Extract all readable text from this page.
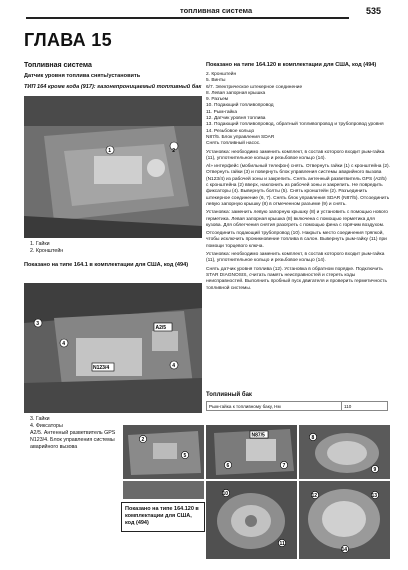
топливная система	535
ГЛАВА 15
Топливная система
Датчик уровня топлива снять/установить
ТИП 164 кроме кода (917): газонепроницаемый топливный бак
1	2
1. Гайки
2. Кронштейн
Показано на типе 164.1 в комплектации для США, код (494)
3
4
4
A2/5
N123/4
3. Гайки
4. Фиксаторы
А2/5. Антенный разветвитель GPS
N123/4. Блок управления системы аварийного вызова
Показано на типе 164.120 в комплектации для США, код (494)
2. Кронштейн
5. Винты
6/7. Электрическое штекерное соединение
8. Левая запорная крышка
9. Разъем
10. Подающий топливопровод
11. Рым-гайка
12. Датчик уровня топлива
13. Подающий топливопровод, обратный топливопровод и трубопровод уровня
14. Резьбовое кольцо
N87/5. Блок управления SDAR
Снять топливный насос.

Установка: необходимо заменить комплект, в состав которого входит рым-гайка (11), уплотнительное кольцо и резьбовое кольцо (14).

Al» интерфейс (мобильный телефон) снять. Отвернуть гайки (1) с кронштейна (2). Отвернуть гайки (3) и повернуть блок управления системы аварийного вызова (N123/4) из рабочей зоны и закрепить. Снять антенный разветвитель GPS (A2/5) с кронштейна (2) вверх, наклонить из рабочей зоны и закрепить. Не повредить фиксаторы (4). Вывернуть болты (5). Снять кронштейн (2). Разъединить штекерное соединение (6, 7). Снять блок управления SDAR (N87/5). Отсоединить левую запорную крышку (8) в отмеченном разъеме (9) и снять.

Установка: заменить левую запорную крышку (8) и установить с помощью нового герметика. Левая запорная крышка (8) включена с помощью герметика для кузова. Для облегчения снятия разогреть с помощью фена с горячим воздухом.

Отсоединить подающий трубопровод (10). Накрыть место соединения тряпкой, чтобы исключить проникновение топлива в салон. Вывернуть рым-гайку (11) при помощи торцевого ключа.

Установка: необходимо заменить комплект, в состав которого входит рым-гайка (11), уплотнительное кольцо и резьбовое кольцо (14).

Снять датчик уровня топлива (12). Установка в обратном порядке. Подключить STAR DIAGNOSIS, считать память неисправностей и стереть коды неисправностей. Выполнить пробный пуск двигателя и проверить герметичность топливной системы.

Топливный бак
Рым-гайка к топливному баку, Нм	110
2
5
N87/5
6	7
8
9
10
11
12	13
14
Показано на типе 164.120 в комплектации для США, код (494)
